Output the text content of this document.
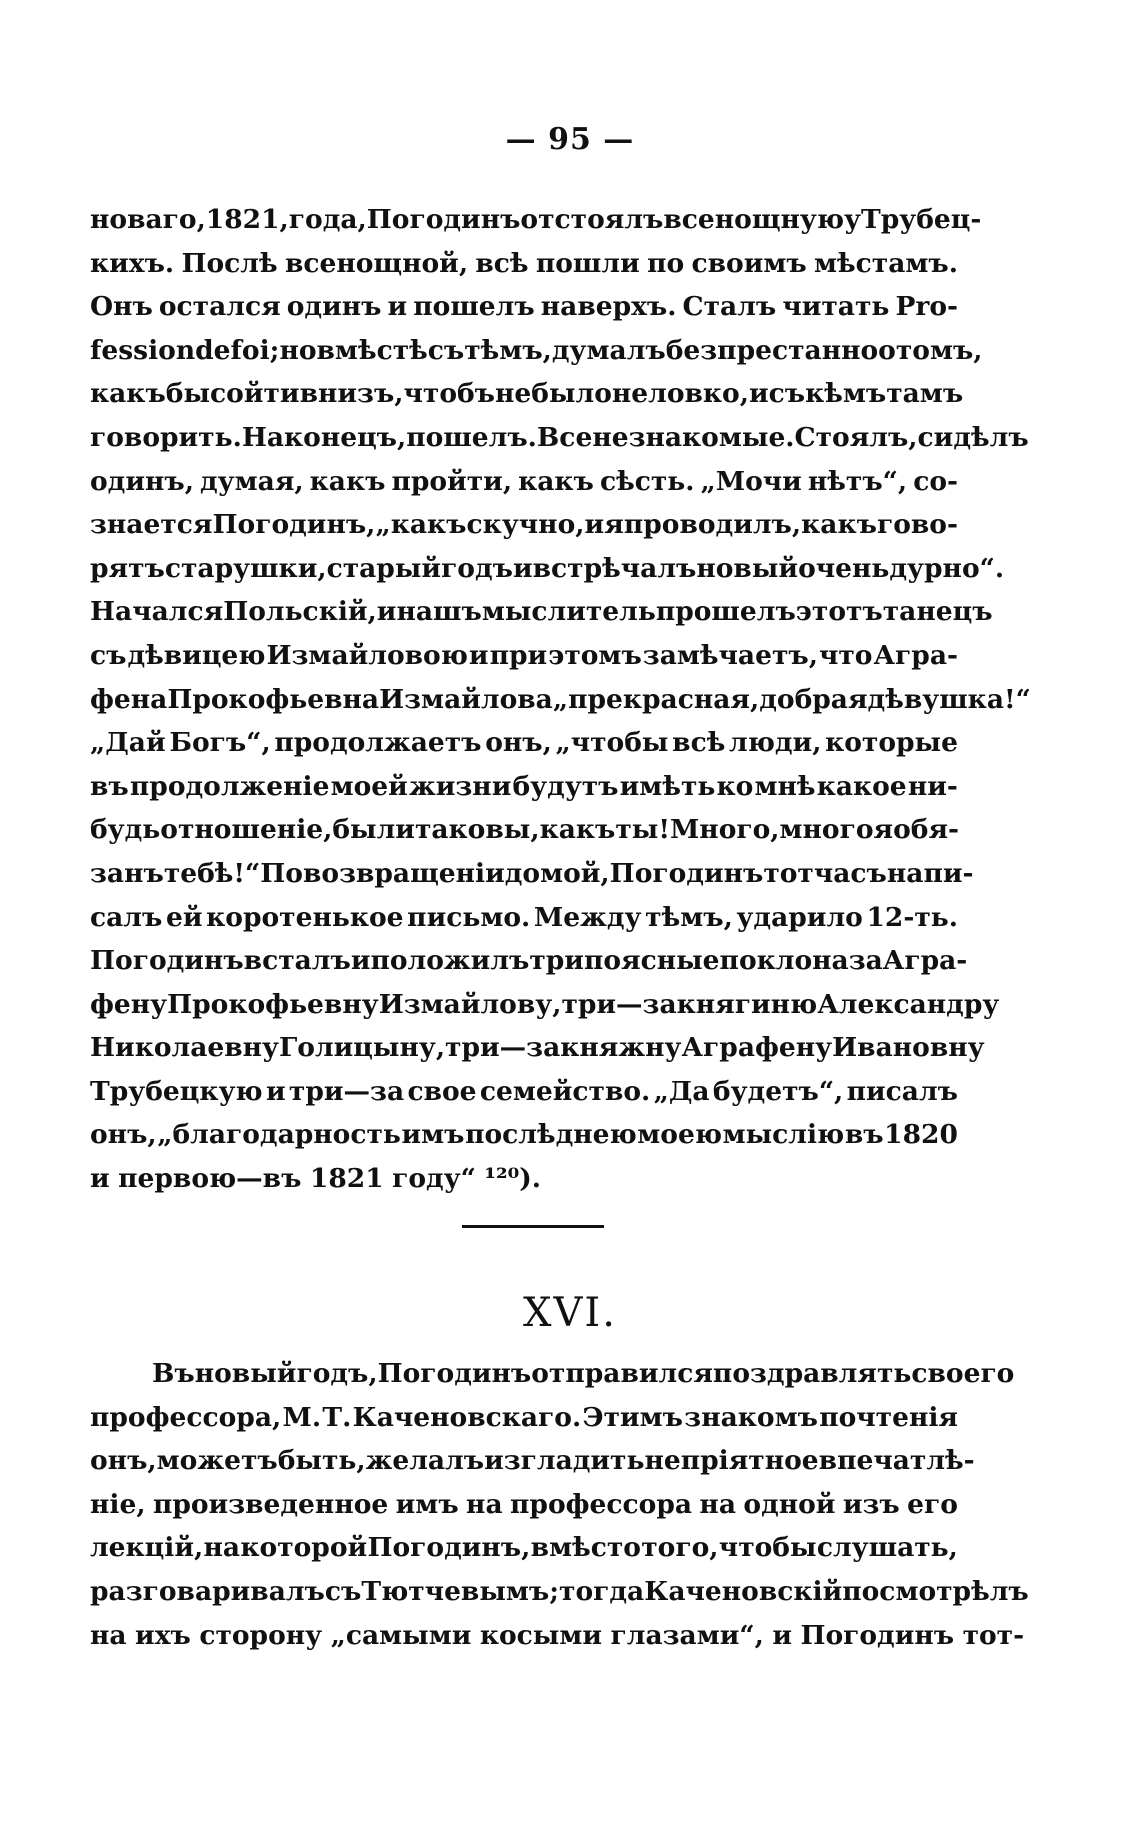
— 95 —
новаго, 1821, года, Погодинъ отстоялъ всенощную у Трубец-
кихъ. Послѣ всенощной, всѣ пошли по своимъ мѣстамъ.
Онъ остался одинъ и пошелъ наверхъ. Сталъ читать Pro-
fession de foi; но вмѣстѣ съ тѣмъ, думалъ безпрестанно о томъ,
какъ бы сойти внизъ, чтобъ не было неловко, и съ кѣмъ тамъ
говорить. Наконецъ, пошелъ. Все незнакомые. Стоялъ, сидѣлъ
одинъ, думая, какъ пройти, какъ сѣсть. „Мочи нѣтъ“, со-
знается Погодинъ, „какъ скучно, и я проводилъ, какъ гово-
рятъ старушки, старый годъ и встрѣчалъ новый очень дурно“.
Начался Польскій, и нашъ мыслитель прошелъ этотъ танецъ
съ дѣвицею Измайловою и при этомъ замѣчаетъ, что Агра-
фена Прокофьевна Измайлова „прекрасная, добрая дѣвушка!“
„Дай Богъ“, продолжаетъ онъ, „чтобы всѣ люди, которые
въ продолженіе моей жизни будутъ имѣть ко мнѣ какое ни-
будь отношеніе, были таковы, какъ ты! Много, много я обя-
занъ тебѣ!“ По возвращеніи домой, Погодинъ тотчасъ напи-
салъ ей коротенькое письмо. Между тѣмъ, ударило 12-ть.
Погодинъ всталъ и положилъ три поясные поклона за Агра-
фену Прокофьевну Измайлову, три—за княгиню Александру
Николаевну Голицыну, три—за княжну Аграфену Ивановну
Трубецкую и три—за свое семейство. „Да будетъ“, писалъ
онъ, „благодарность имъ послѣднею моею мыслію въ 1820
и первою—въ 1821 году“ ¹²⁰).
XVI.
Въ новый годъ, Погодинъ отправился поздравлять своего
профессора, М. Т. Каченовскаго. Этимъ знакомъ почтенія
онъ, можетъ быть, желалъ изгладить непріятное впечатлѣ-
ніе, произведенное имъ на профессора на одной изъ его
лекцій, на которой Погодинъ, вмѣсто того, чтобы слушать,
разговаривалъ съ Тютчевымъ; тогда Каченовскій посмотрѣлъ
на ихъ сторону „самыми косыми глазами“, и Погодинъ тот-
